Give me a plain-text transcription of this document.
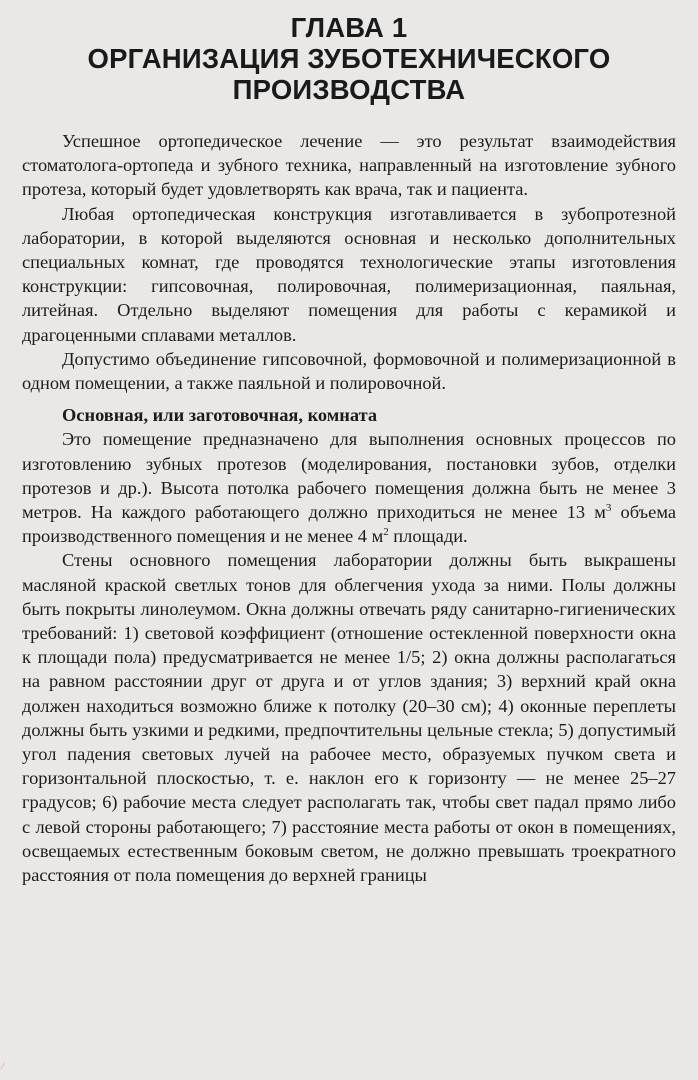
ГЛАВА 1
ОРГАНИЗАЦИЯ ЗУБОТЕХНИЧЕСКОГО
ПРОИЗВОДСТВА

Успешное ортопедическое лечение — это результат взаимодействия стоматолога-ортопеда и зубного техника, направленный на изготовление зубного протеза, который будет удовлетворять как врача, так и пациента.

Любая ортопедическая конструкция изготавливается в зубопротезной лаборатории, в которой выделяются основная и несколько дополнительных специальных комнат, где проводятся технологические этапы изготовления конструкции: гипсовочная, полировочная, полимеризационная, паяльная, литейная. Отдельно выделяют помещения для работы с керамикой и драгоценными сплавами металлов.

Допустимо объединение гипсовочной, формовочной и полимеризационной в одном помещении, а также паяльной и полировочной.

Основная, или заготовочная, комната

Это помещение предназначено для выполнения основных процессов по изготовлению зубных протезов (моделирования, постановки зубов, отделки протезов и др.). Высота потолка рабочего помещения должна быть не менее 3 метров. На каждого работающего должно приходиться не менее 13 $м^3$ объема производственного помещения и не менее 4 $м^2$ площади.

Стены основного помещения лаборатории должны быть выкрашены масляной краской светлых тонов для облегчения ухода за ними. Полы должны быть покрыты линолеумом. Окна должны отвечать ряду санитарно-гигиенических требований: 1) световой коэффициент (отношение остекленной поверхности окна к площади пола) предусматривается не менее 1/5; 2) окна должны располагаться на равном расстоянии друг от друга и от углов здания; 3) верхний край окна должен находиться возможно ближе к потолку (20–30 см); 4) оконные переплеты должны быть узкими и редкими, предпочтительны цельные стекла; 5) допустимый угол падения световых лучей на рабочее место, образуемых пучком света и горизонтальной плоскостью, т. е. наклон его к горизонту — не менее 25–27 градусов; 6) рабочие места следует располагать так, чтобы свет падал прямо либо с левой стороны работающего; 7) расстояние места работы от окон в помещениях, освещаемых естественным боковым светом, не должно превышать троекратного расстояния от пола помещения до верхней границы

⁄
